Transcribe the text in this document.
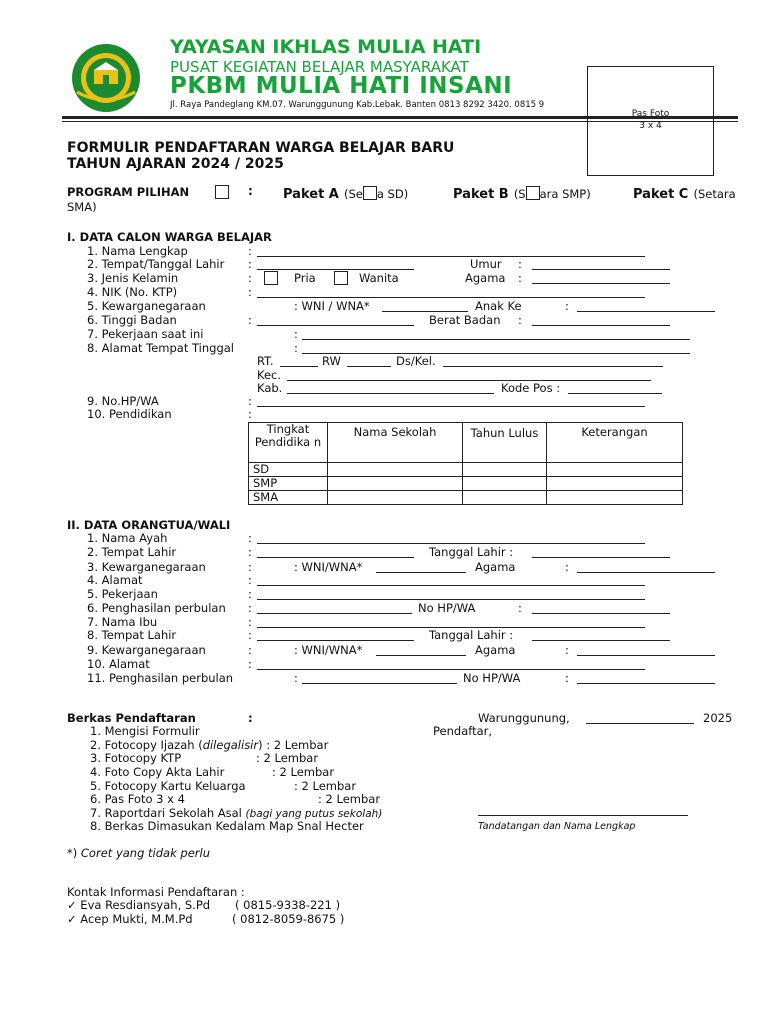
YAYASAN IKHLAS MULIA HATI
PUSAT KEGIATAN BELAJAR MASYARAKAT
PKBM MULIA HATI INSANI
Jl. Raya Pandeglang KM.07. Warunggunung Kab.Lebak. Banten 0813 8292 3420. 0815 9
Pas Foto
3 x 4
FORMULIR PENDAFTARAN WARGA BELAJAR BARU
TAHUN AJARAN 2024 / 2025
PROGRAM PILIHAN	: Paket A (Se a SD)	Paket B (S ara SMP)	Paket C (Setara
SMA)
I. DATA CALON WARGA BELAJAR
1. Nama Lengkap	:
2. Tempat/Tanggal Lahir :	Umur :
3. Jenis Kelamin	:	Pria	Wanita	Agama :
4. NIK (No. KTP)	:
5. Kewarganegaraan	: WNI / WNA*	Anak Ke	:
6. Tinggi Badan	:	Berat Badan :
7. Pekerjaan saat ini	:
8. Alamat Tempat Tinggal	:
RT.	RW	Ds/Kel.
Kec.
Kab.	Kode Pos :
9. No.HP/WA	:
10. Pendidikan	:
Tingkat Pendidika n	Nama Sekolah	Tahun Lulus	Keterangan
SD			
SMP			
SMA			
II. DATA ORANGTUA/WALI
1. Nama Ayah	:
2. Tempat Lahir	:	Tanggal Lahir :
3. Kewarganegaraan	:	: WNI/WNA*	Agama	:
4. Alamat	:
5. Pekerjaan	:
6. Penghasilan perbulan :	No HP/WA	:
7. Nama Ibu	:
8. Tempat Lahir	:	Tanggal Lahir :
9. Kewarganegaraan	:	: WNI/WNA*	Agama	:
10. Alamat	:
11. Penghasilan perbulan	:	No HP/WA	:
Berkas Pendaftaran	:	Warunggunung,	2025
Pendaftar,
1. Mengisi Formulir
2. Fotocopy Ijazah (dilegalisir) : 2 Lembar
3. Fotocopy KTP	: 2 Lembar
4. Foto Copy Akta Lahir	: 2 Lembar
5. Fotocopy Kartu Keluarga	: 2 Lembar
6. Pas Foto 3 x 4	: 2 Lembar
7. Raportdari Sekolah Asal (bagi yang putus sekolah)
8. Berkas Dimasukan Kedalam Map Snal Hecter	Tandatangan dan Nama Lengkap
*) Coret yang tidak perlu
Kontak Informasi Pendaftaran :
✓ Eva Resdiansyah, S.Pd ( 0815-9338-221 )
✓ Acep Mukti, M.M.Pd	( 0812-8059-8675 )
